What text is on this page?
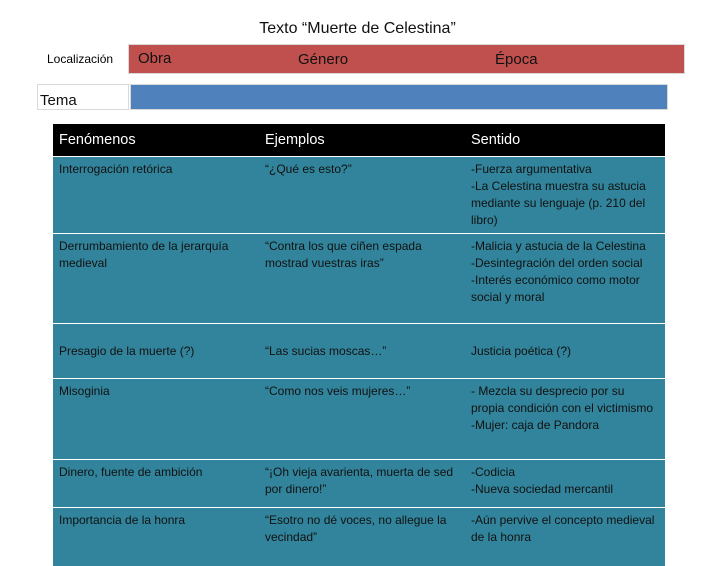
Texto “Muerte de Celestina”
Localización Obra	Género	Época
Tema
Fenómenos	Ejemplos	Sentido
Interrogación retórica	“¿Qué es esto?”	-Fuerza argumentativa
-La Celestina muestra su astucia mediante su lenguaje (p. 210 del libro)
Derrumbamiento de la jerarquía medieval	“Contra los que ciñen espada mostrad vuestras iras”	-Malicia y astucia de la Celestina
-Desintegración del orden social
-Interés económico como motor social y moral
Presagio de la muerte (?)	“Las sucias moscas…”	Justicia poética (?)
Misoginia	“Como nos veis mujeres…”	- Mezcla su desprecio por su propia condición con el victimismo
-Mujer: caja de Pandora
Dinero, fuente de ambición	“¡Oh vieja avarienta, muerta de sed por dinero!”	-Codicia
-Nueva sociedad mercantil
Importancia de la honra	“Esotro no dé voces, no allegue la vecindad”	-Aún pervive el concepto medieval de la honra
